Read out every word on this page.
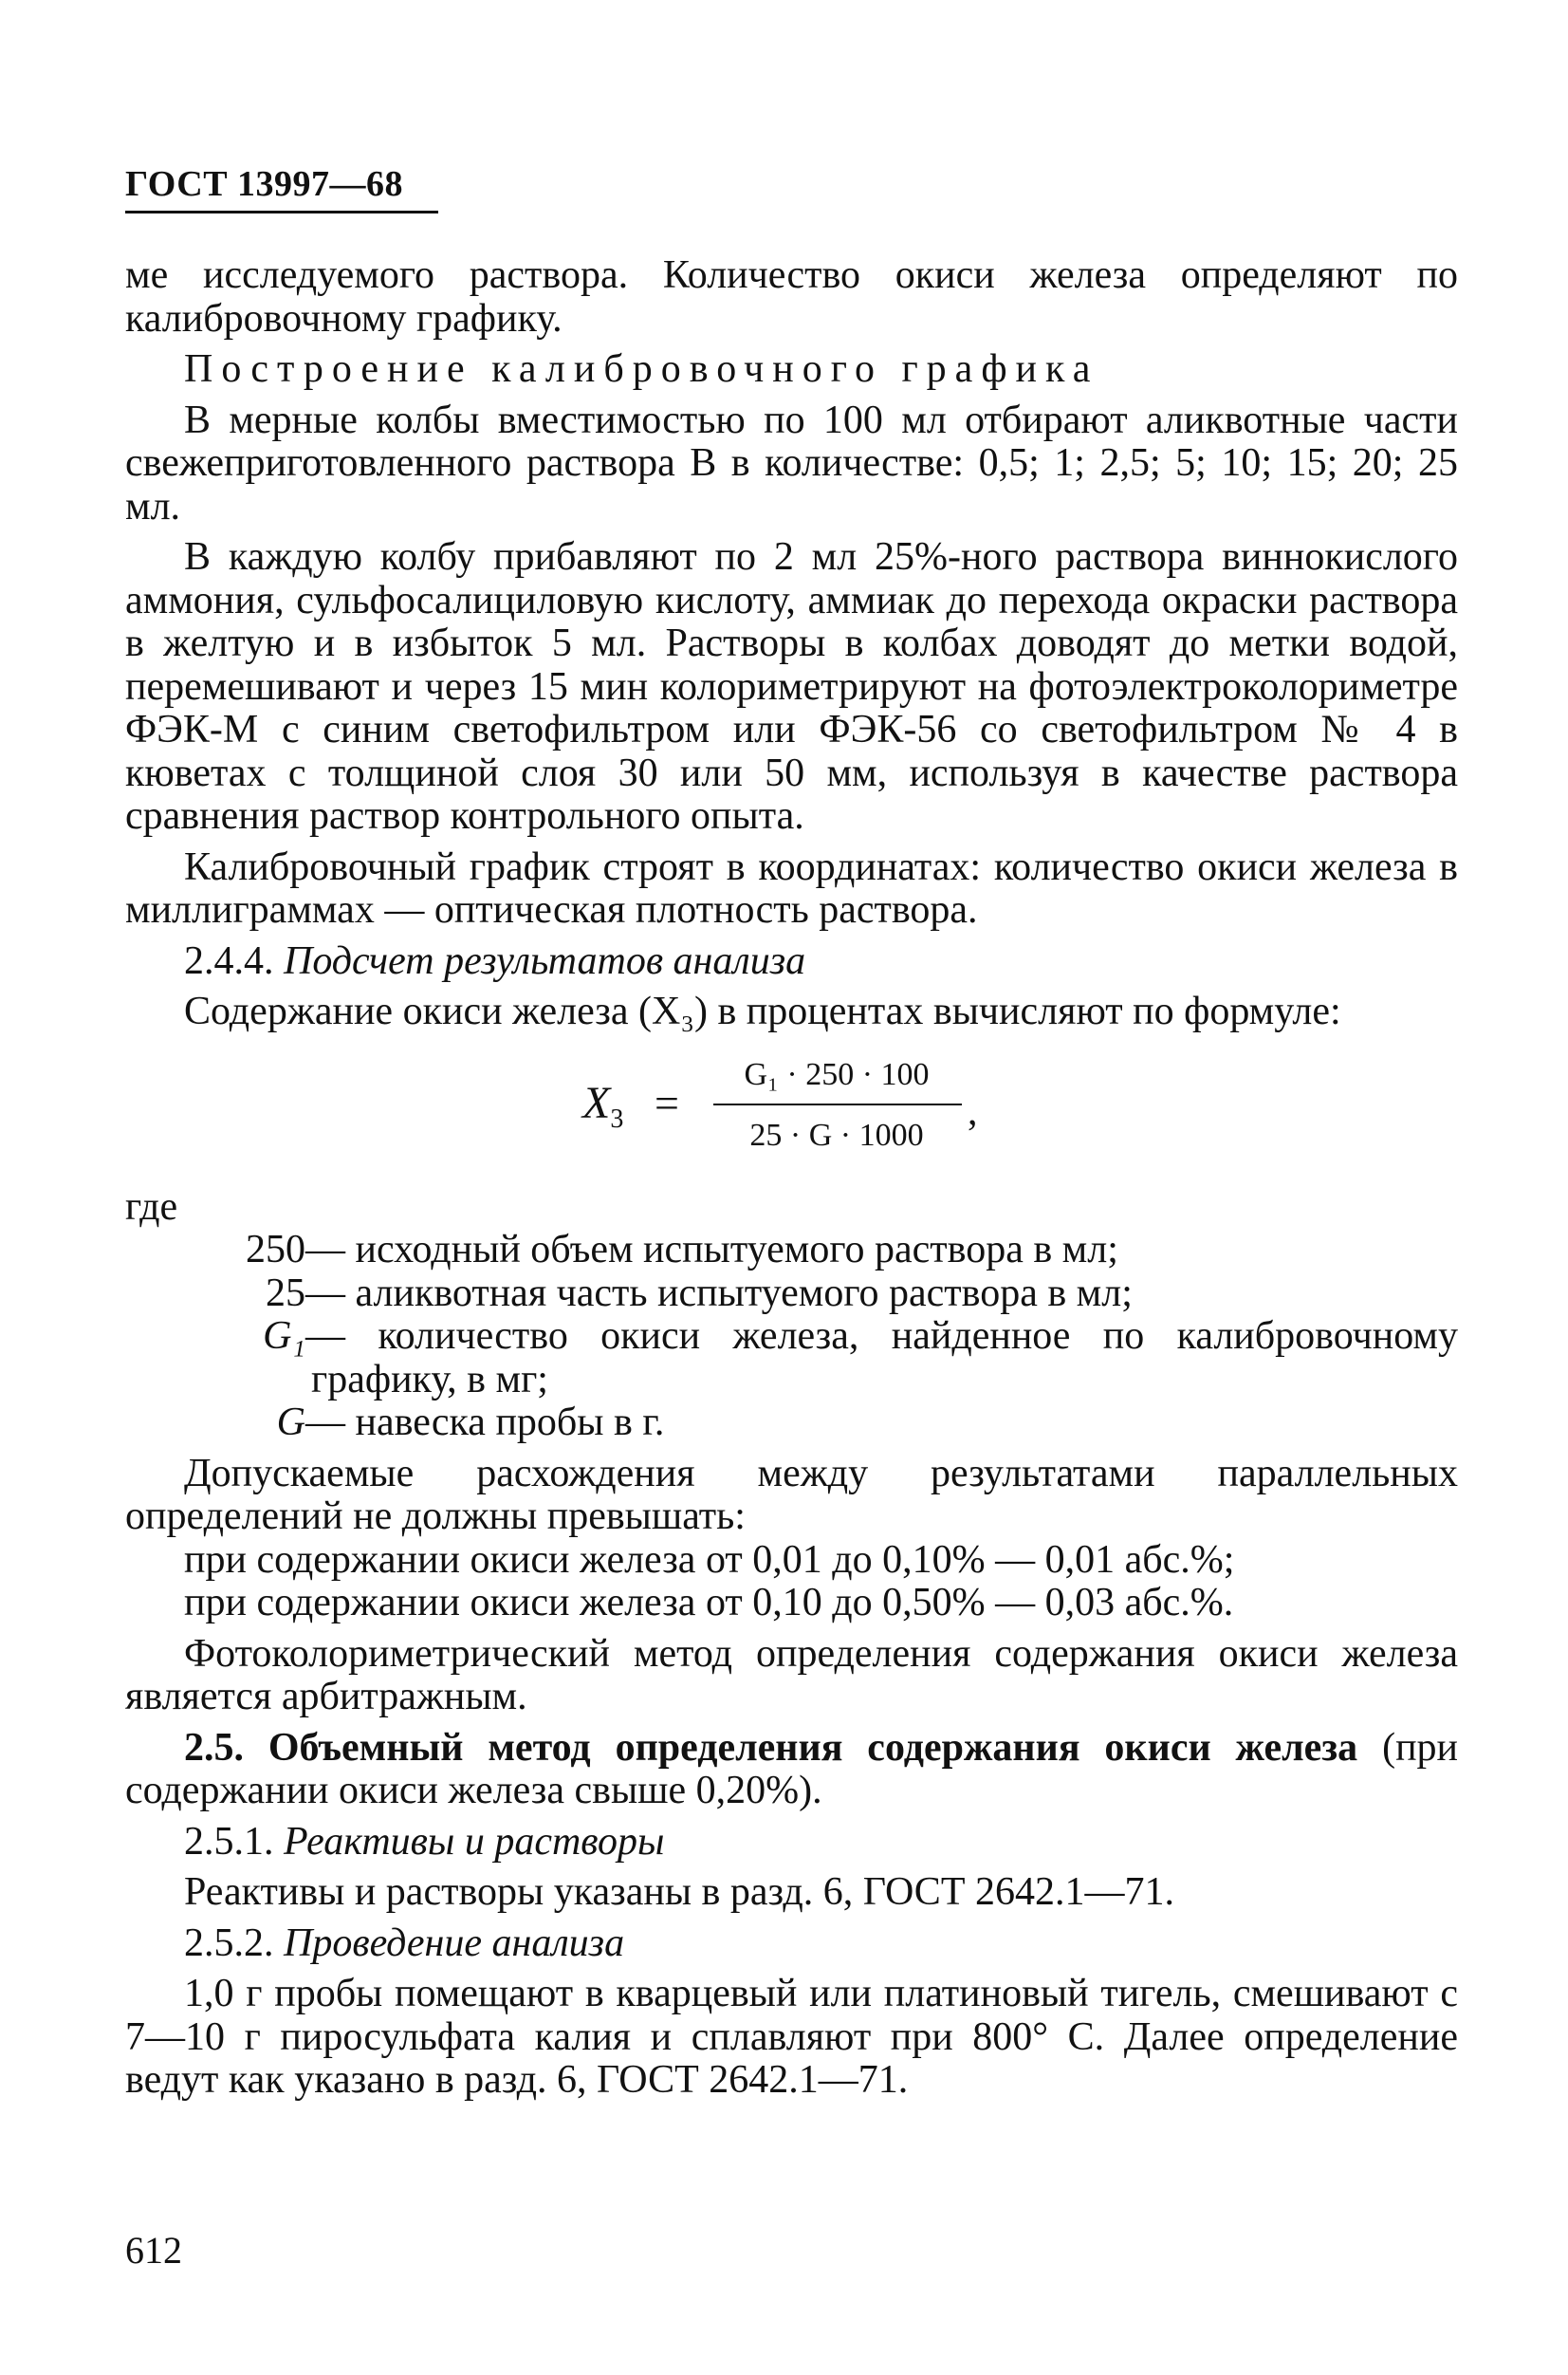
ГОСТ 13997—68

ме исследуемого раствора. Количество окиси железа определяют по калибровочному графику.

Построение калибровочного графика

В мерные колбы вместимостью по 100 мл отбирают аликвотные части свежеприготовленного раствора В в количестве: 0,5; 1; 2,5; 5; 10; 15; 20; 25 мл.

В каждую колбу прибавляют по 2 мл 25%-ного раствора виннокислого аммония, сульфосалициловую кислоту, аммиак до перехода окраски раствора в желтую и в избыток 5 мл. Растворы в колбах доводят до метки водой, перемешивают и через 15 мин колориметрируют на фотоэлектроколориметре ФЭК-М с синим светофильтром или ФЭК-56 со светофильтром № 4 в кюветах с толщиной слоя 30 или 50 мм, используя в качестве раствора сравнения раствор контрольного опыта.

Калибровочный график строят в координатах: количество окиси железа в миллиграммах — оптическая плотность раствора.

2.4.4. Подсчет результатов анализа

Содержание окиси железа (X₃) в процентах вычисляют по формуле:

$X_3$ =
G₁ · 250 · 100
25 · G · 1000
,

где

250 — исходный объем испытуемого раствора в мл;
25 — аликвотная часть испытуемого раствора в мл;
G₁ — количество окиси железа, найденное по калибровочному
графику, в мг;
G — навеска пробы в г.

Допускаемые расхождения между результатами параллельных определений не должны превышать:

при содержании окиси железа от 0,01 до 0,10% — 0,01 абс.%;

при содержании окиси железа от 0,10 до 0,50% — 0,03 абс.%.

Фотоколориметрический метод определения содержания окиси железа является арбитражным.

2.5. Объемный метод определения содержания окиси железа (при содержании окиси железа свыше 0,20%).

2.5.1. Реактивы и растворы

Реактивы и растворы указаны в разд. 6, ГОСТ 2642.1—71.

2.5.2. Проведение анализа

1,0 г пробы помещают в кварцевый или платиновый тигель, смешивают с 7—10 г пиросульфата калия и сплавляют при 800° С. Далее определение ведут как указано в разд. 6, ГОСТ 2642.1—71.

612
